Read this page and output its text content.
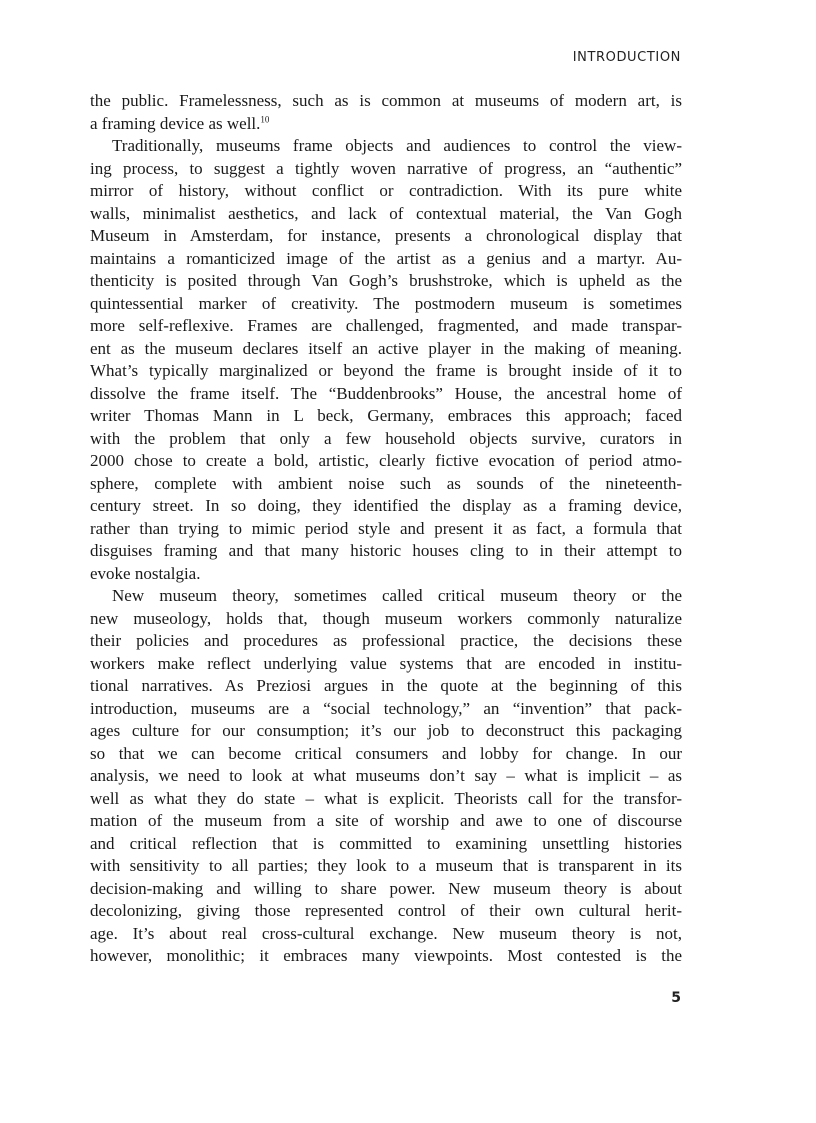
INTRODUCTION
the public. Framelessness, such as is common at museums of modern art, is
a framing device as well.$^{10}$
Traditionally, museums frame objects and audiences to control the view-
ing process, to suggest a tightly woven narrative of progress, an “authentic”
mirror of history, without conflict or contradiction. With its pure white
walls, minimalist aesthetics, and lack of contextual material, the Van Gogh
Museum in Amsterdam, for instance, presents a chronological display that
maintains a romanticized image of the artist as a genius and a martyr. Au-
thenticity is posited through Van Gogh’s brushstroke, which is upheld as the
quintessential marker of creativity. The postmodern museum is sometimes
more self-reflexive. Frames are challenged, fragmented, and made transpar-
ent as the museum declares itself an active player in the making of meaning.
What’s typically marginalized or beyond the frame is brought inside of it to
dissolve the frame itself. The “Buddenbrooks” House, the ancestral home of
writer Thomas Mann in L beck, Germany, embraces this approach; faced
with the problem that only a few household objects survive, curators in
2000 chose to create a bold, artistic, clearly fictive evocation of period atmo-
sphere, complete with ambient noise such as sounds of the nineteenth-
century street. In so doing, they identified the display as a framing device,
rather than trying to mimic period style and present it as fact, a formula that
disguises framing and that many historic houses cling to in their attempt to
evoke nostalgia.
New museum theory, sometimes called critical museum theory or the
new museology, holds that, though museum workers commonly naturalize
their policies and procedures as professional practice, the decisions these
workers make reflect underlying value systems that are encoded in institu-
tional narratives. As Preziosi argues in the quote at the beginning of this
introduction, museums are a “social technology,” an “invention” that pack-
ages culture for our consumption; it’s our job to deconstruct this packaging
so that we can become critical consumers and lobby for change. In our
analysis, we need to look at what museums don’t say – what is implicit – as
well as what they do state – what is explicit. Theorists call for the transfor-
mation of the museum from a site of worship and awe to one of discourse
and critical reflection that is committed to examining unsettling histories
with sensitivity to all parties; they look to a museum that is transparent in its
decision-making and willing to share power. New museum theory is about
decolonizing, giving those represented control of their own cultural herit-
age. It’s about real cross-cultural exchange. New museum theory is not,
however, monolithic; it embraces many viewpoints. Most contested is the
5
